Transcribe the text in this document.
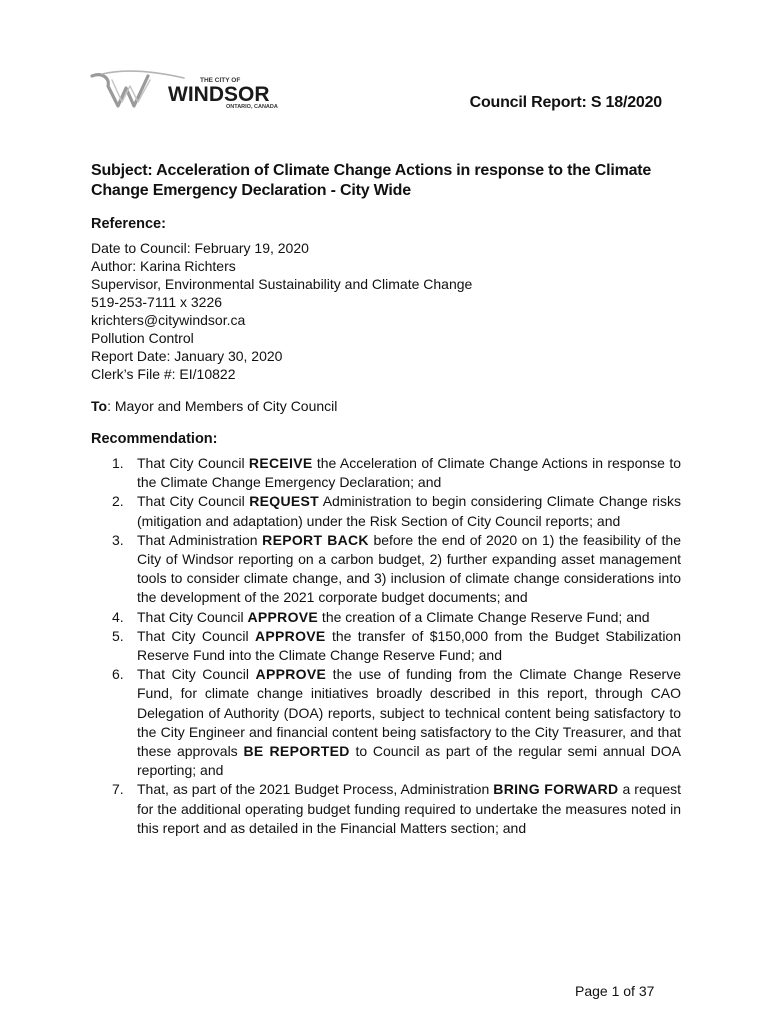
THE CITY OF
WINDSOR
ONTARIO, CANADA	Council Report: S 18/2020
Subject: Acceleration of Climate Change Actions in response to the Climate Change Emergency Declaration - City Wide
Reference:
Date to Council: February 19, 2020
Author: Karina Richters
Supervisor, Environmental Sustainability and Climate Change
519-253-7111 x 3226
krichters@citywindsor.ca
Pollution Control
Report Date: January 30, 2020
Clerk’s File #: EI/10822
To: Mayor and Members of City Council
Recommendation:
1. That City Council RECEIVE the Acceleration of Climate Change Actions in response to the Climate Change Emergency Declaration; and
2. That City Council REQUEST Administration to begin considering Climate Change risks (mitigation and adaptation) under the Risk Section of City Council reports; and
3. That Administration REPORT BACK before the end of 2020 on 1) the feasibility of the City of Windsor reporting on a carbon budget, 2) further expanding asset management tools to consider climate change, and 3) inclusion of climate change considerations into the development of the 2021 corporate budget documents; and
4. That City Council APPROVE the creation of a Climate Change Reserve Fund; and
5. That City Council APPROVE the transfer of $150,000 from the Budget Stabilization Reserve Fund into the Climate Change Reserve Fund; and
6. That City Council APPROVE the use of funding from the Climate Change Reserve Fund, for climate change initiatives broadly described in this report, through CAO Delegation of Authority (DOA) reports, subject to technical content being satisfactory to the City Engineer and financial content being satisfactory to the City Treasurer, and that these approvals BE REPORTED to Council as part of the regular semi annual DOA reporting; and
7. That, as part of the 2021 Budget Process, Administration BRING FORWARD a request for the additional operating budget funding required to undertake the measures noted in this report and as detailed in the Financial Matters section; and
Page 1 of 37
